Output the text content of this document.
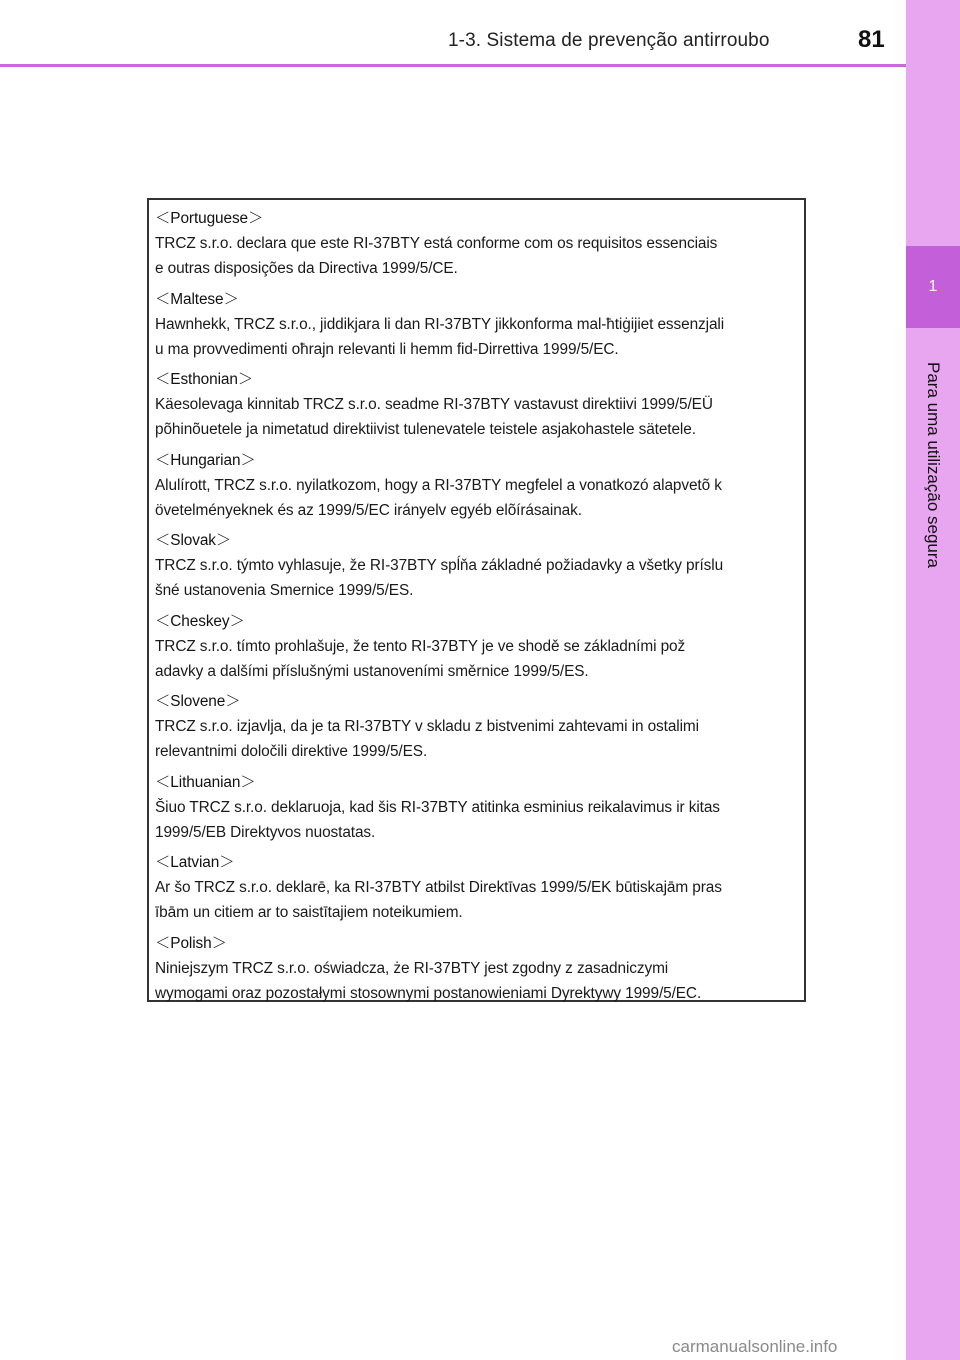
1-3. Sistema de prevenção antirroubo	81
1
Para uma utilização segura
＜Portuguese＞
TRCZ s.r.o. declara que este RI-37BTY está conforme com os requisitos essenciais
e outras disposições da Directiva 1999/5/CE.
＜Maltese＞
Hawnhekk, TRCZ s.r.o., jiddikjara li dan RI-37BTY jikkonforma mal-ħtiġijiet essenzjali
u ma provvedimenti oħrajn relevanti li hemm fid-Dirrettiva 1999/5/EC.
＜Esthonian＞
Käesolevaga kinnitab TRCZ s.r.o. seadme RI-37BTY vastavust direktiivi 1999/5/EÜ
põhinõuetele ja nimetatud direktiivist tulenevatele teistele asjakohastele sätetele.
＜Hungarian＞
Alulírott, TRCZ s.r.o. nyilatkozom, hogy a RI-37BTY megfelel a vonatkozó alapvetõ k
övetelményeknek és az 1999/5/EC irányelv egyéb elõírásainak.
＜Slovak＞
TRCZ s.r.o. týmto vyhlasuje, že RI-37BTY spĺňa základné požiadavky a všetky príslu
šné ustanovenia Smernice 1999/5/ES.
＜Cheskey＞
TRCZ s.r.o. tímto prohlašuje, že tento RI-37BTY je ve shodě se základními pož
adavky a dalšími příslušnými ustanoveními směrnice 1999/5/ES.
＜Slovene＞
TRCZ s.r.o. izjavlja, da je ta RI-37BTY v skladu z bistvenimi zahtevami in ostalimi
relevantnimi določili direktive 1999/5/ES.
＜Lithuanian＞
Šiuo TRCZ s.r.o. deklaruoja, kad šis RI-37BTY atitinka esminius reikalavimus ir kitas
1999/5/EB Direktyvos nuostatas.
＜Latvian＞
Ar šo TRCZ s.r.o. deklarē, ka RI-37BTY atbilst Direktīvas 1999/5/EK būtiskajām pras
ībām un citiem ar to saistītajiem noteikumiem.
＜Polish＞
Niniejszym TRCZ s.r.o. oświadcza, że RI-37BTY jest zgodny z zasadniczymi
wymogami oraz pozostałymi stosownymi postanowieniami Dyrektywy 1999/5/EC.
carmanualsonline.info
